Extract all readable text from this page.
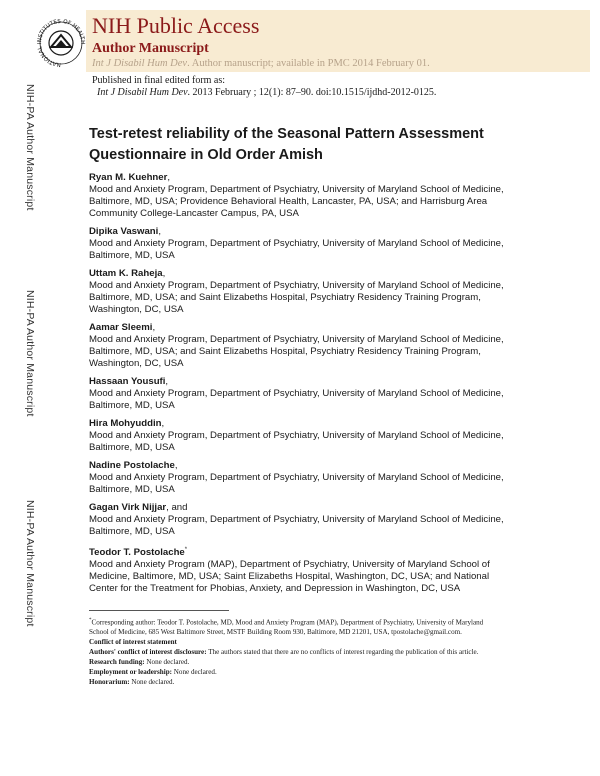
NATIONAL INSTITUTES OF HEALTH
NIH Public Access
Author Manuscript
Int J Disabil Hum Dev. Author manuscript; available in PMC 2014 February 01.
Published in final edited form as:
Int J Disabil Hum Dev. 2013 February ; 12(1): 87–90. doi:10.1515/ijdhd-2012-0125.
NIH-PA Author Manuscript
NIH-PA Author Manuscript
NIH-PA Author Manuscript
Test-retest reliability of the Seasonal Pattern Assessment Questionnaire in Old Order Amish
Ryan M. Kuehner,
Mood and Anxiety Program, Department of Psychiatry, University of Maryland School of Medicine, Baltimore, MD, USA; Providence Behavioral Health, Lancaster, PA, USA; and Harrisburg Area Community College-Lancaster Campus, PA, USA
Dipika Vaswani,
Mood and Anxiety Program, Department of Psychiatry, University of Maryland School of Medicine, Baltimore, MD, USA
Uttam K. Raheja,
Mood and Anxiety Program, Department of Psychiatry, University of Maryland School of Medicine, Baltimore, MD, USA; and Saint Elizabeths Hospital, Psychiatry Residency Training Program, Washington, DC, USA
Aamar Sleemi,
Mood and Anxiety Program, Department of Psychiatry, University of Maryland School of Medicine, Baltimore, MD, USA; and Saint Elizabeths Hospital, Psychiatry Residency Training Program, Washington, DC, USA
Hassaan Yousufi,
Mood and Anxiety Program, Department of Psychiatry, University of Maryland School of Medicine, Baltimore, MD, USA
Hira Mohyuddin,
Mood and Anxiety Program, Department of Psychiatry, University of Maryland School of Medicine, Baltimore, MD, USA
Nadine Postolache,
Mood and Anxiety Program, Department of Psychiatry, University of Maryland School of Medicine, Baltimore, MD, USA
Gagan Virk Nijjar, and
Mood and Anxiety Program, Department of Psychiatry, University of Maryland School of Medicine, Baltimore, MD, USA
Teodor T. Postolache*
Mood and Anxiety Program (MAP), Department of Psychiatry, University of Maryland School of Medicine, Baltimore, MD, USA; Saint Elizabeths Hospital, Washington, DC, USA; and National Center for the Treatment for Phobias, Anxiety, and Depression in Washington, DC, USA

*Corresponding author: Teodor T. Postolache, MD, Mood and Anxiety Program (MAP), Department of Psychiatry, University of Maryland School of Medicine, 685 West Baltimore Street, MSTF Building Room 930, Baltimore, MD 21201, USA, tpostolache@gmail.com.

Conflict of interest statement

Authors' conflict of interest disclosure: The authors stated that there are no conflicts of interest regarding the publication of this article.

Research funding: None declared.

Employment or leadership: None declared.

Honorarium: None declared.
